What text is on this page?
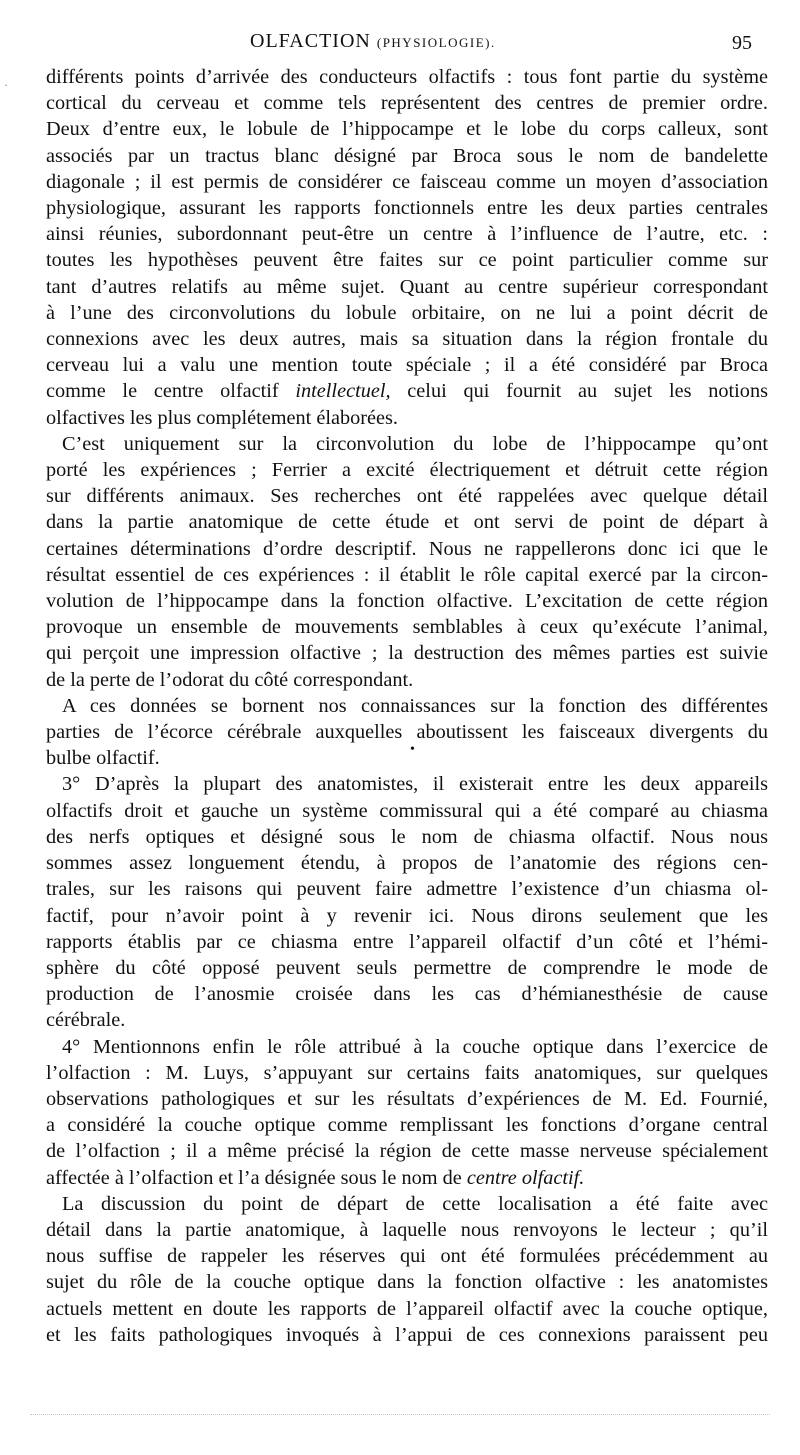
·
OLFACTION (PHYSIOLOGIE).	95
différents points d’arrivée des conducteurs olfactifs : tous font partie du système
cortical du cerveau et comme tels représentent des centres de premier ordre.
Deux d’entre eux, le lobule de l’hippocampe et le lobe du corps calleux, sont
associés par un tractus blanc désigné par Broca sous le nom de bandelette
diagonale ; il est permis de considérer ce faisceau comme un moyen d’association
physiologique, assurant les rapports fonctionnels entre les deux parties centrales
ainsi réunies, subordonnant peut-être un centre à l’influence de l’autre, etc. :
toutes les hypothèses peuvent être faites sur ce point particulier comme sur
tant d’autres relatifs au même sujet. Quant au centre supérieur correspondant
à l’une des circonvolutions du lobule orbitaire, on ne lui a point décrit de
connexions avec les deux autres, mais sa situation dans la région frontale du
cerveau lui a valu une mention toute spéciale ; il a été considéré par Broca
comme le centre olfactif intellectuel, celui qui fournit au sujet les notions
olfactives les plus complétement élaborées.
C’est uniquement sur la circonvolution du lobe de l’hippocampe qu’ont
porté les expériences ; Ferrier a excité électriquement et détruit cette région
sur différents animaux. Ses recherches ont été rappelées avec quelque détail
dans la partie anatomique de cette étude et ont servi de point de départ à
certaines déterminations d’ordre descriptif. Nous ne rappellerons donc ici que le
résultat essentiel de ces expériences : il établit le rôle capital exercé par la circon-
volution de l’hippocampe dans la fonction olfactive. L’excitation de cette région
provoque un ensemble de mouvements semblables à ceux qu’exécute l’animal,
qui perçoit une impression olfactive ; la destruction des mêmes parties est suivie
de la perte de l’odorat du côté correspondant.
A ces données se bornent nos connaissances sur la fonction des différentes
parties de l’écorce cérébrale auxquelles aboutissent les faisceaux divergents du
bulbe olfactif.
3° D’après la plupart des anatomistes, il existerait entre les deux appareils
olfactifs droit et gauche un système commissural qui a été comparé au chiasma
des nerfs optiques et désigné sous le nom de chiasma olfactif. Nous nous
sommes assez longuement étendu, à propos de l’anatomie des régions cen-
trales, sur les raisons qui peuvent faire admettre l’existence d’un chiasma ol-
factif, pour n’avoir point à y revenir ici. Nous dirons seulement que les
rapports établis par ce chiasma entre l’appareil olfactif d’un côté et l’hémi-
sphère du côté opposé peuvent seuls permettre de comprendre le mode de
production de l’anosmie croisée dans les cas d’hémianesthésie de cause
cérébrale.
4° Mentionnons enfin le rôle attribué à la couche optique dans l’exercice de
l’olfaction : M. Luys, s’appuyant sur certains faits anatomiques, sur quelques
observations pathologiques et sur les résultats d’expériences de M. Ed. Fournié,
a considéré la couche optique comme remplissant les fonctions d’organe central
de l’olfaction ; il a même précisé la région de cette masse nerveuse spécialement
affectée à l’olfaction et l’a désignée sous le nom de centre olfactif.
La discussion du point de départ de cette localisation a été faite avec
détail dans la partie anatomique, à laquelle nous renvoyons le lecteur ; qu’il
nous suffise de rappeler les réserves qui ont été formulées précédemment au
sujet du rôle de la couche optique dans la fonction olfactive : les anatomistes
actuels mettent en doute les rapports de l’appareil olfactif avec la couche optique,
et les faits pathologiques invoqués à l’appui de ces connexions paraissent peu
•
